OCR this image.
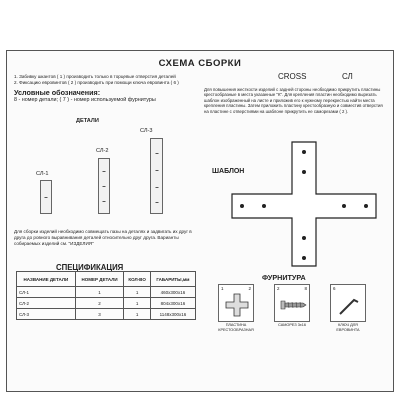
СХЕМА СБОРКИ
1. Забивку шкантов ( 1 ) производить только в торцевые отверстия деталей
2. Фиксацию евровинтов ( 2 ) производить при помощи ключа евровинта ( 6 )
CROSS	СЛ
Условные обозначения:
8 - номер детали; ( 7 ) - номер используемой фурнитуры
Для повышения жесткости изделий с задней стороны необходимо прикрутить пластины крестообразные в места указанные "К". Для крепления пластин необходимо вырезать шаблон изображенный на листе и приложив его к нужному перекрестью найти места крепления пластины. Затем приложить пластину крестообразную и совместив отверстия на пластине с отверстиями на шаблоне прикрутить ее саморезами ( 2 ).
ДЕТАЛИ
СЛ-1
СЛ-2
СЛ-3
Для сборки изделий необходимо совмещать пазы на деталях и задвигать их друг в друга до ровного выравнивания деталей относительно друг друга. Варианты собираемых изделий см. "ИЗДЕЛИЯ"
СПЕЦИФИКАЦИЯ
НАЗВАНИЕ ДЕТАЛИ	НОМЕР ДЕТАЛИ	КОЛ-ВО	ГАБАРИТЫ,мм
СЛ-1	1	1	460х300х16
СЛ-2	2	1	804х300х16
СЛ-3	3	1	1148х300х16
ШАБЛОН
ФУРНИТУРА
1	2
ПЛАСТИНА КРЕСТООБРАЗНАЯ
2	8
САМОРЕЗ 3х16
6
КЛЮЧ ДЛЯ ЕВРОВИНТА
